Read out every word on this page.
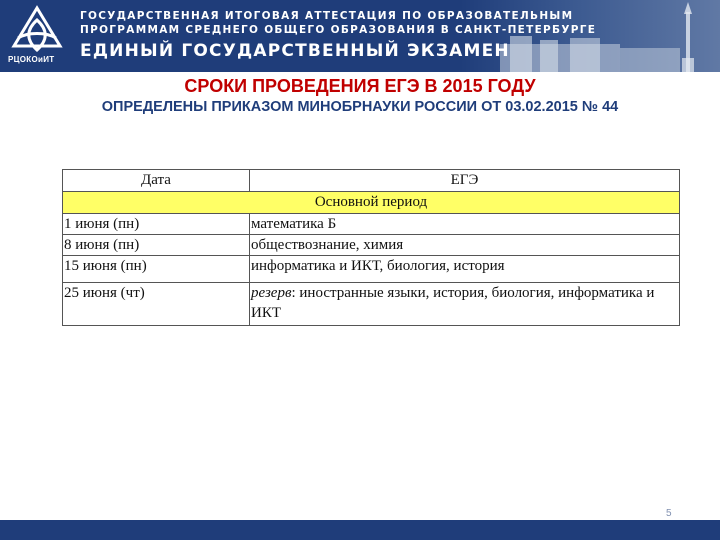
РЦОКОиИТ
ГОСУДАРСТВЕННАЯ ИТОГОВАЯ АТТЕСТАЦИЯ ПО ОБРАЗОВАТЕЛЬНЫМ
ПРОГРАММАМ СРЕДНЕГО ОБЩЕГО ОБРАЗОВАНИЯ В САНКТ-ПЕТЕРБУРГЕ
ЕДИНЫЙ ГОСУДАРСТВЕННЫЙ ЭКЗАМЕН
СРОКИ ПРОВЕДЕНИЯ ЕГЭ В 2015 ГОДУ
ОПРЕДЕЛЕНЫ ПРИКАЗОМ МИНОБРНАУКИ РОССИИ ОТ 03.02.2015 № 44
Дата	ЕГЭ
Основной период	
1 июня (пн)	математика Б
8 июня (пн)	обществознание, химия
15 июня (пн)	информатика и ИКТ, биология, история
25 июня (чт)	резерв: иностранные языки, история, биология, информатика и ИКТ
5
